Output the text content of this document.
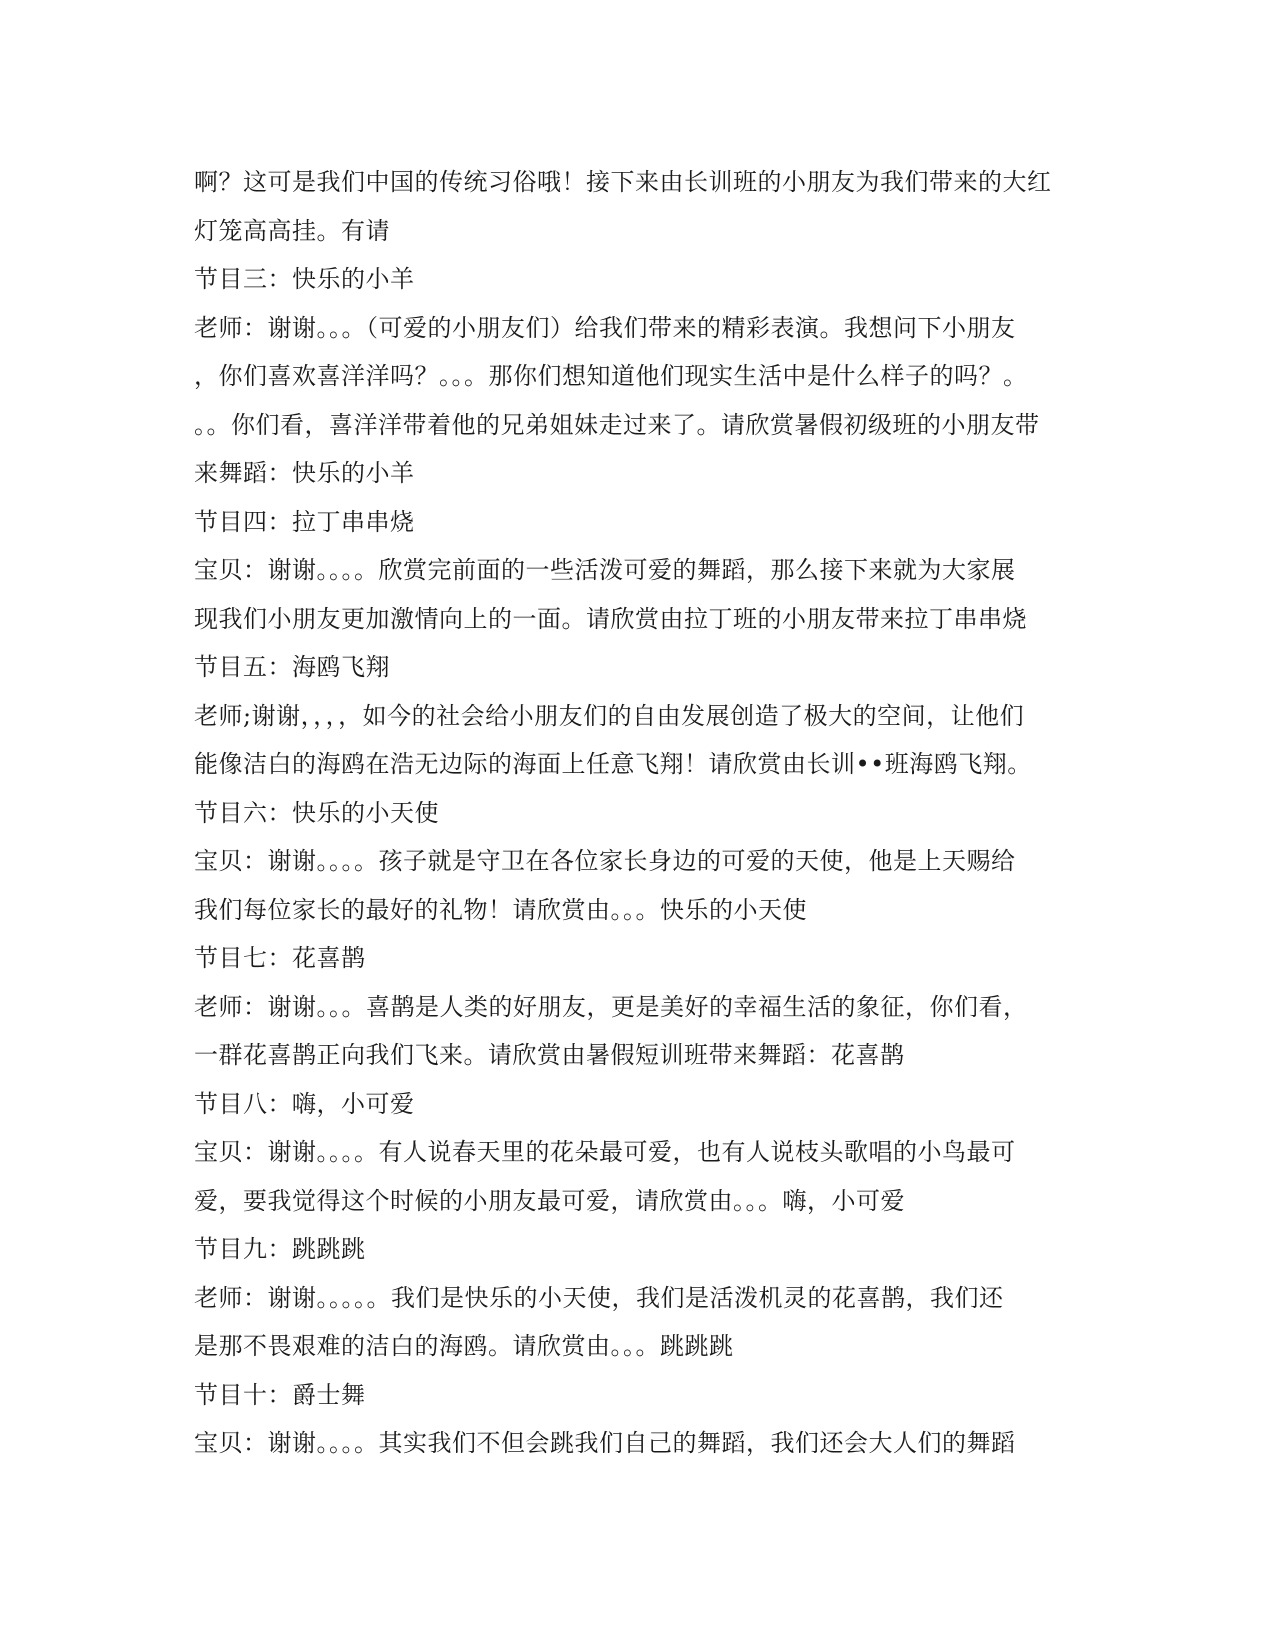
啊？这可是我们中国的传统习俗哦！接下来由长训班的小朋友为我们带来的大红
灯笼高高挂。有请
节目三：快乐的小羊
老师：谢谢。。。（可爱的小朋友们）给我们带来的精彩表演。我想问下小朋友
，你们喜欢喜洋洋吗？。。。那你们想知道他们现实生活中是什么样子的吗？。
。。你们看，喜洋洋带着他的兄弟姐妹走过来了。请欣赏暑假初级班的小朋友带
来舞蹈：快乐的小羊
节目四：拉丁串串烧
宝贝：谢谢。。。。欣赏完前面的一些活泼可爱的舞蹈，那么接下来就为大家展
现我们小朋友更加激情向上的一面。请欣赏由拉丁班的小朋友带来拉丁串串烧
节目五：海鸥飞翔
老师;谢谢，，，，如今的社会给小朋友们的自由发展创造了极大的空间，让他们
能像洁白的海鸥在浩无边际的海面上任意飞翔！请欣赏由长训••班海鸥飞翔。
节目六：快乐的小天使
宝贝：谢谢。。。。孩子就是守卫在各位家长身边的可爱的天使，他是上天赐给
我们每位家长的最好的礼物！请欣赏由。。。快乐的小天使
节目七：花喜鹊
老师：谢谢。。。喜鹊是人类的好朋友，更是美好的幸福生活的象征，你们看，
一群花喜鹊正向我们飞来。请欣赏由暑假短训班带来舞蹈：花喜鹊
节目八：嗨，小可爱
宝贝：谢谢。。。。有人说春天里的花朵最可爱，也有人说枝头歌唱的小鸟最可
爱，要我觉得这个时候的小朋友最可爱，请欣赏由。。。嗨，小可爱
节目九：跳跳跳
老师：谢谢。。。。。我们是快乐的小天使，我们是活泼机灵的花喜鹊，我们还
是那不畏艰难的洁白的海鸥。请欣赏由。。。跳跳跳
节目十：爵士舞
宝贝：谢谢。。。。其实我们不但会跳我们自己的舞蹈，我们还会大人们的舞蹈
